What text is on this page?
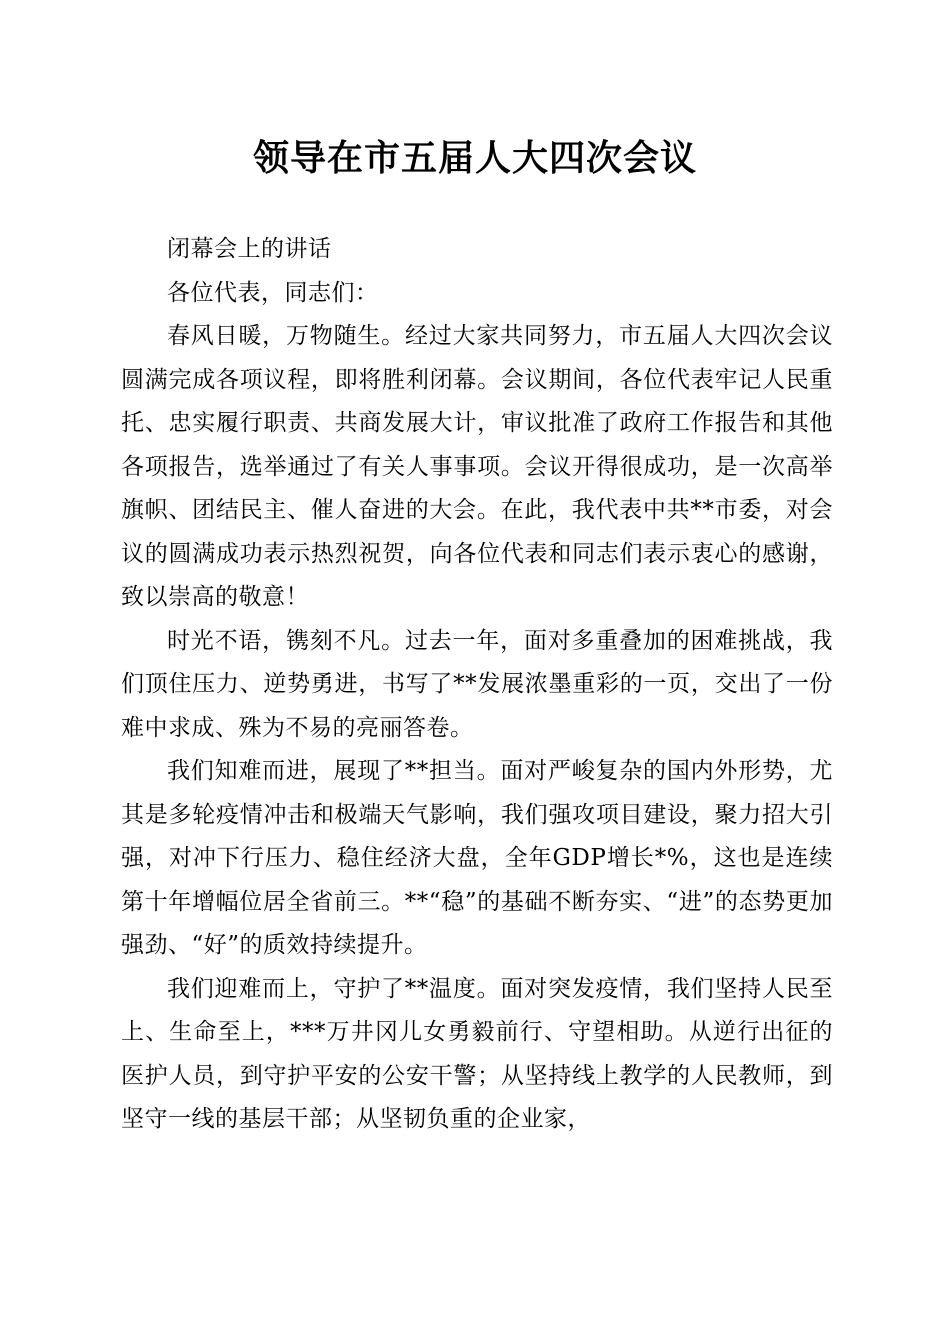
领导在市五届人大四次会议

闭幕会上的讲话

各位代表，同志们：

春风日暖，万物随生。经过大家共同努力，市五届人大四次会议圆满完成各项议程，即将胜利闭幕。会议期间，各位代表牢记人民重托、忠实履行职责、共商发展大计，审议批准了政府工作报告和其他各项报告，选举通过了有关人事事项。会议开得很成功，是一次高举旗帜、团结民主、催人奋进的大会。在此，我代表中共**市委，对会议的圆满成功表示热烈祝贺，向各位代表和同志们表示衷心的感谢，致以崇高的敬意！

时光不语，镌刻不凡。过去一年，面对多重叠加的困难挑战，我们顶住压力、逆势勇进，书写了**发展浓墨重彩的一页，交出了一份难中求成、殊为不易的亮丽答卷。

我们知难而进，展现了**担当。面对严峻复杂的国内外形势，尤其是多轮疫情冲击和极端天气影响，我们强攻项目建设，聚力招大引强，对冲下行压力、稳住经济大盘，全年GDP增长*%，这也是连续第十年增幅位居全省前三。**“稳”的基础不断夯实、“进”的态势更加强劲、“好”的质效持续提升。

我们迎难而上，守护了**温度。面对突发疫情，我们坚持人民至上、生命至上，***万井冈儿女勇毅前行、守望相助。从逆行出征的医护人员，到守护平安的公安干警；从坚持线上教学的人民教师，到坚守一线的基层干部；从坚韧负重的企业家，
